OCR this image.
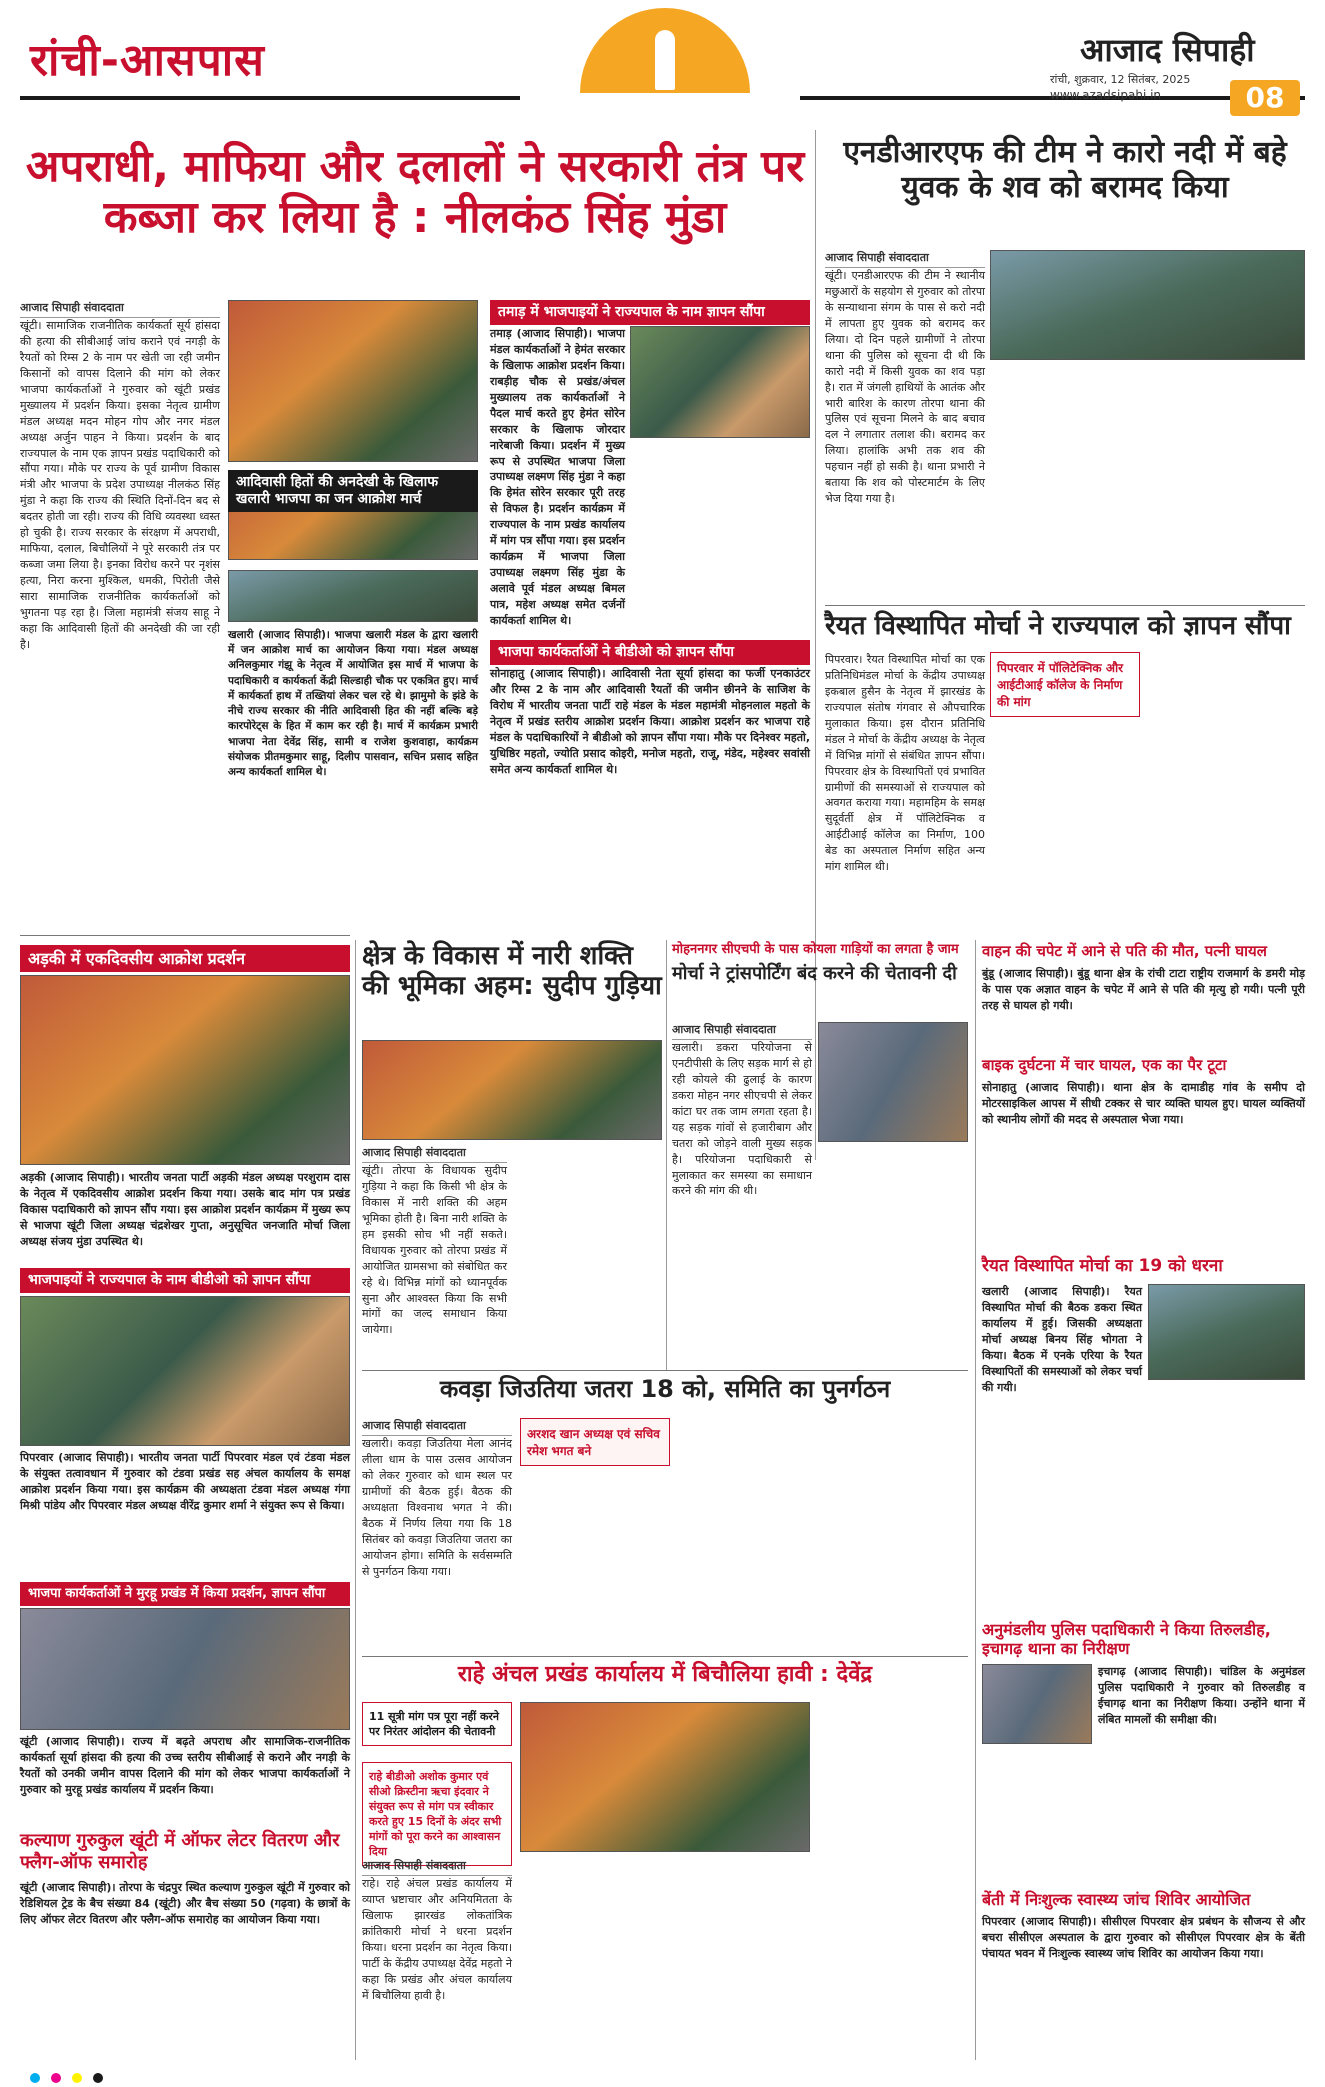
रांची-आसपास	आजाद सिपाही
रांची, शुक्रवार, 12 सितंबर, 2025
www.azadsipahi.in	08
अपराधी, माफिया और दलालों ने सरकारी तंत्र पर कब्जा कर लिया है : नीलकंठ सिंह मुंडा
आजाद सिपाही संवाददाता
खूंटी। सामाजिक राजनीतिक कार्यकर्ता सूर्य हांसदा की हत्या की सीबीआई जांच कराने एवं नगड़ी के रैयतों को रिम्स 2 के नाम पर खेती जा रही जमीन किसानों को वापस दिलाने की मांग को लेकर भाजपा कार्यकर्ताओं ने गुरुवार को खूंटी प्रखंड मुख्यालय में प्रदर्शन किया। इसका नेतृत्व ग्रामीण मंडल अध्यक्ष मदन मोहन गोप और नगर मंडल अध्यक्ष अर्जुन पाहन ने किया। प्रदर्शन के बाद राज्यपाल के नाम एक ज्ञापन प्रखंड पदाधिकारी को सौंपा गया। मौके पर राज्य के पूर्व ग्रामीण विकास मंत्री और भाजपा के प्रदेश उपाध्यक्ष नीलकंठ सिंह मुंडा ने कहा कि राज्य की स्थिति दिनों-दिन बद से बदतर होती जा रही। राज्य की विधि व्यवस्था ध्वस्त हो चुकी है। राज्य सरकार के संरक्षण में अपराधी, माफिया, दलाल, बिचौलियों ने पूरे सरकारी तंत्र पर कब्जा जमा लिया है। इनका विरोध करने पर नृशंस हत्या, निरा करना मुश्किल, धमकी, पिरोती जैसे सारा सामाजिक राजनीतिक कार्यकर्ताओं को भुगतना पड़ रहा है। जिला महामंत्री संजय साहू ने कहा कि आदिवासी हितों की अनदेखी की जा रही है।
आदिवासी हितों की अनदेखी के खिलाफ खलारी भाजपा का जन आक्रोश मार्च
खलारी (आजाद सिपाही)। भाजपा खलारी मंडल के द्वारा खलारी में जन आक्रोश मार्च का आयोजन किया गया। मंडल अध्यक्ष अनिलकुमार गंझू के नेतृत्व में आयोजित इस मार्च में भाजपा के पदाधिकारी व कार्यकर्ता केंद्री सिल्डाही चौक पर एकत्रित हुए। मार्च में कार्यकर्ता हाथ में तख्तियां लेकर चल रहे थे। झामुमो के झंडे के नीचे राज्य सरकार की नीति आदिवासी हित की नहीं बल्कि बड़े कारपोरेट्स के हित में काम कर रही है। मार्च में कार्यक्रम प्रभारी भाजपा नेता देवेंद्र सिंह, सामी व राजेश कुशवाहा, कार्यक्रम संयोजक प्रीतमकुमार साहू, दिलीप पासवान, सचिन प्रसाद सहित अन्य कार्यकर्ता शामिल थे।
तमाड़ में भाजपाइयों ने राज्यपाल के नाम ज्ञापन सौंपा
तमाड़ (आजाद सिपाही)। भाजपा मंडल कार्यकर्ताओं ने हेमंत सरकार के खिलाफ आक्रोश प्रदर्शन किया। राबड़ीह चौक से प्रखंड/अंचल मुख्यालय तक कार्यकर्ताओं ने पैदल मार्च करते हुए हेमंत सोरेन सरकार के खिलाफ जोरदार नारेबाजी किया। प्रदर्शन में मुख्य रूप से उपस्थित भाजपा जिला उपाध्यक्ष लक्ष्मण सिंह मुंडा ने कहा कि हेमंत सोरेन सरकार पूरी तरह से विफल है। प्रदर्शन कार्यक्रम में राज्यपाल के नाम प्रखंड कार्यालय में मांग पत्र सौंपा गया। इस प्रदर्शन कार्यक्रम में भाजपा जिला उपाध्यक्ष लक्ष्मण सिंह मुंडा के अलावे पूर्व मंडल अध्यक्ष बिमल पात्र, महेश अध्यक्ष समेत दर्जनों कार्यकर्ता शामिल थे।
भाजपा कार्यकर्ताओं ने बीडीओ को ज्ञापन सौंपा
सोनाहातु (आजाद सिपाही)। आदिवासी नेता सूर्या हांसदा का फर्जी एनकाउंटर और रिम्स 2 के नाम और आदिवासी रैयतों की जमीन छीनने के साजिश के विरोध में भारतीय जनता पार्टी राहे मंडल के मंडल महामंत्री मोहनलाल महतो के नेतृत्व में प्रखंड स्तरीय आक्रोश प्रदर्शन किया। आक्रोश प्रदर्शन कर भाजपा राहे मंडल के पदाधिकारियों ने बीडीओ को ज्ञापन सौंपा गया। मौके पर दिनेश्वर महतो, युधिष्ठिर महतो, ज्योति प्रसाद कोइरी, मनोज महतो, राजू, मंडेद, महेश्वर सवांसी समेत अन्य कार्यकर्ता शामिल थे।
एनडीआरएफ की टीम ने कारो नदी में बहे युवक के शव को बरामद किया
आजाद सिपाही संवाददाता
खूंटी। एनडीआरएफ की टीम ने स्थानीय मछुआरों के सहयोग से गुरुवार को तोरपा के सन्याथाना संगम के पास से करो नदी में लापता हुए युवक को बरामद कर लिया। दो दिन पहले ग्रामीणों ने तोरपा थाना की पुलिस को सूचना दी थी कि कारो नदी में किसी युवक का शव पड़ा है। रात में जंगली हाथियों के आतंक और भारी बारिश के कारण तोरपा थाना की पुलिस एवं सूचना मिलने के बाद बचाव दल ने लगातार तलाश की। बरामद कर लिया। हालांकि अभी तक शव की पहचान नहीं हो सकी है। थाना प्रभारी ने बताया कि शव को पोस्टमार्टम के लिए भेज दिया गया है।
रैयत विस्थापित मोर्चा ने राज्यपाल को ज्ञापन सौंपा
पिपरवार में पॉलिटेक्निक और आईटीआई कॉलेज के निर्माण की मांग
पिपरवार। रैयत विस्थापित मोर्चा का एक प्रतिनिधिमंडल मोर्चा के केंद्रीय उपाध्यक्ष इकबाल हुसैन के नेतृत्व में झारखंड के राज्यपाल संतोष गंगवार से औपचारिक मुलाकात किया। इस दौरान प्रतिनिधि मंडल ने मोर्चा के केंद्रीय अध्यक्ष के नेतृत्व में विभिन्न मांगों से संबंधित ज्ञापन सौंपा। पिपरवार क्षेत्र के विस्थापितों एवं प्रभावित ग्रामीणों की समस्याओं से राज्यपाल को अवगत कराया गया। महामहिम के समक्ष सुदूर्वर्ती क्षेत्र में पॉलिटेक्निक व आईटीआई कॉलेज का निर्माण, 100 बेड का अस्पताल निर्माण सहित अन्य मांग शामिल थी।
अड़की में एकदिवसीय आक्रोश प्रदर्शन
अड़की (आजाद सिपाही)। भारतीय जनता पार्टी अड़की मंडल अध्यक्ष परशुराम दास के नेतृत्व में एकदिवसीय आक्रोश प्रदर्शन किया गया। उसके बाद मांग पत्र प्रखंड विकास पदाधिकारी को ज्ञापन सौंप गया। इस आक्रोश प्रदर्शन कार्यक्रम में मुख्य रूप से भाजपा खूंटी जिला अध्यक्ष चंद्रशेखर गुप्ता, अनुसूचित जनजाति मोर्चा जिला अध्यक्ष संजय मुंडा उपस्थित थे।
भाजपाइयों ने राज्यपाल के नाम बीडीओ को ज्ञापन सौंपा
पिपरवार (आजाद सिपाही)। भारतीय जनता पार्टी पिपरवार मंडल एवं टंडवा मंडल के संयुक्त तत्वावधान में गुरुवार को टंडवा प्रखंड सह अंचल कार्यालय के समक्ष आक्रोश प्रदर्शन किया गया। इस कार्यक्रम की अध्यक्षता टंडवा मंडल अध्यक्ष गंगा मिश्री पांडेय और पिपरवार मंडल अध्यक्ष वीरेंद्र कुमार शर्मा ने संयुक्त रूप से किया।
भाजपा कार्यकर्ताओं ने मुरहू प्रखंड में किया प्रदर्शन, ज्ञापन सौंपा
खूंटी (आजाद सिपाही)। राज्य में बढ़ते अपराध और सामाजिक-राजनीतिक कार्यकर्ता सूर्या हांसदा की हत्या की उच्च स्तरीय सीबीआई से कराने और नगड़ी के रैयतों को उनकी जमीन वापस दिलाने की मांग को लेकर भाजपा कार्यकर्ताओं ने गुरुवार को मुरहू प्रखंड कार्यालय में प्रदर्शन किया।
कल्याण गुरुकुल खूंटी में ऑफर लेटर वितरण और फ्लैग-ऑफ समारोह
खूंटी (आजाद सिपाही)। तोरपा के चंद्रपुर स्थित कल्याण गुरुकुल खूंटी में गुरुवार को रेडिशियल ट्रेड के बैच संख्या 84 (खूंटी) और बैच संख्या 50 (गढ़वा) के छात्रों के लिए ऑफर लेटर वितरण और फ्लैग-ऑफ समारोह का आयोजन किया गया।
क्षेत्र के विकास में नारी शक्ति की भूमिका अहम: सुदीप गुड़िया
आजाद सिपाही संवाददाता
खूंटी। तोरपा के विधायक सुदीप गुड़िया ने कहा कि किसी भी क्षेत्र के विकास में नारी शक्ति की अहम भूमिका होती है। बिना नारी शक्ति के हम इसकी सोच भी नहीं सकते। विधायक गुरुवार को तोरपा प्रखंड में आयोजित ग्रामसभा को संबोधित कर रहे थे। विभिन्न मांगों को ध्यानपूर्वक सुना और आश्वस्त किया कि सभी मांगों का जल्द समाधान किया जायेगा।
मोहननगर सीएचपी के पास कोयला गाड़ियों का लगता है जाम
मोर्चा ने ट्रांसपोर्टिंग बंद करने की चेतावनी दी
आजाद सिपाही संवाददाता
खलारी। डकरा परियोजना से एनटीपीसी के लिए सड़क मार्ग से हो रही कोयले की ढुलाई के कारण डकरा मोहन नगर सीएचपी से लेकर कांटा घर तक जाम लगता रहता है। यह सड़क गांवों से हजारीबाग और चतरा को जोड़ने वाली मुख्य सड़क है। परियोजना पदाधिकारी से मुलाकात कर समस्या का समाधान करने की मांग की थी।
कवड़ा जिउतिया जतरा 18 को, समिति का पुनर्गठन
आजाद सिपाही संवाददाता
खलारी। कवड़ा जिउतिया मेला आनंद लीला धाम के पास उत्सव आयोजन को लेकर गुरुवार को धाम स्थल पर ग्रामीणों की बैठक हुई। बैठक की अध्यक्षता विश्वनाथ भगत ने की। बैठक में निर्णय लिया गया कि 18 सितंबर को कवड़ा जिउतिया जतरा का आयोजन होगा। समिति के सर्वसम्मति से पुनर्गठन किया गया।
अरशद खान अध्यक्ष एवं सचिव रमेश भगत बने
राहे अंचल प्रखंड कार्यालय में बिचौलिया हावी : देवेंद्र
11 सूत्री मांग पत्र पूरा नहीं करने पर निरंतर आंदोलन की चेतावनी
राहे बीडीओ अशोक कुमार एवं सीओ क्रिस्टीना ऋचा इंदवार ने संयुक्त रूप से मांग पत्र स्वीकार करते हुए 15 दिनों के अंदर सभी मांगों को पूरा करने का आश्वासन दिया
आजाद सिपाही संवाददाता
राहे। राहे अंचल प्रखंड कार्यालय में व्याप्त भ्रष्टाचार और अनियमितता के खिलाफ झारखंड लोकतांत्रिक क्रांतिकारी मोर्चा ने धरना प्रदर्शन किया। धरना प्रदर्शन का नेतृत्व किया। पार्टी के केंद्रीय उपाध्यक्ष देवेंद्र महतो ने कहा कि प्रखंड और अंचल कार्यालय में बिचौलिया हावी है।
वाहन की चपेट में आने से पति की मौत, पत्नी घायल
बुंडू (आजाद सिपाही)। बुंडू थाना क्षेत्र के रांची टाटा राष्ट्रीय राजमार्ग के डमरी मोड़ के पास एक अज्ञात वाहन के चपेट में आने से पति की मृत्यु हो गयी। पत्नी पूरी तरह से घायल हो गयी।
बाइक दुर्घटना में चार घायल, एक का पैर टूटा
सोनाहातु (आजाद सिपाही)। थाना क्षेत्र के दामाडीह गांव के समीप दो मोटरसाइकिल आपस में सीधी टक्कर से चार व्यक्ति घायल हुए। घायल व्यक्तियों को स्थानीय लोगों की मदद से अस्पताल भेजा गया।
रैयत विस्थापित मोर्चा का 19 को धरना
खलारी (आजाद सिपाही)। रैयत विस्थापित मोर्चा की बैठक डकरा स्थित कार्यालय में हुई। जिसकी अध्यक्षता मोर्चा अध्यक्ष बिनय सिंह भोगता ने किया। बैठक में एनके एरिया के रैयत विस्थापितों की समस्याओं को लेकर चर्चा की गयी।
अनुमंडलीय पुलिस पदाधिकारी ने किया तिरुलडीह, इचागढ़ थाना का निरीक्षण
इचागढ़ (आजाद सिपाही)। चांडिल के अनुमंडल पुलिस पदाधिकारी ने गुरुवार को तिरुलडीह व ईचागढ़ थाना का निरीक्षण किया। उन्होंने थाना में लंबित मामलों की समीक्षा की।
बेंती में निःशुल्क स्वास्थ्य जांच शिविर आयोजित
पिपरवार (आजाद सिपाही)। सीसीएल पिपरवार क्षेत्र प्रबंधन के सौजन्य से और बचरा सीसीएल अस्पताल के द्वारा गुरुवार को सीसीएल पिपरवार क्षेत्र के बेंती पंचायत भवन में निःशुल्क स्वास्थ्य जांच शिविर का आयोजन किया गया।
